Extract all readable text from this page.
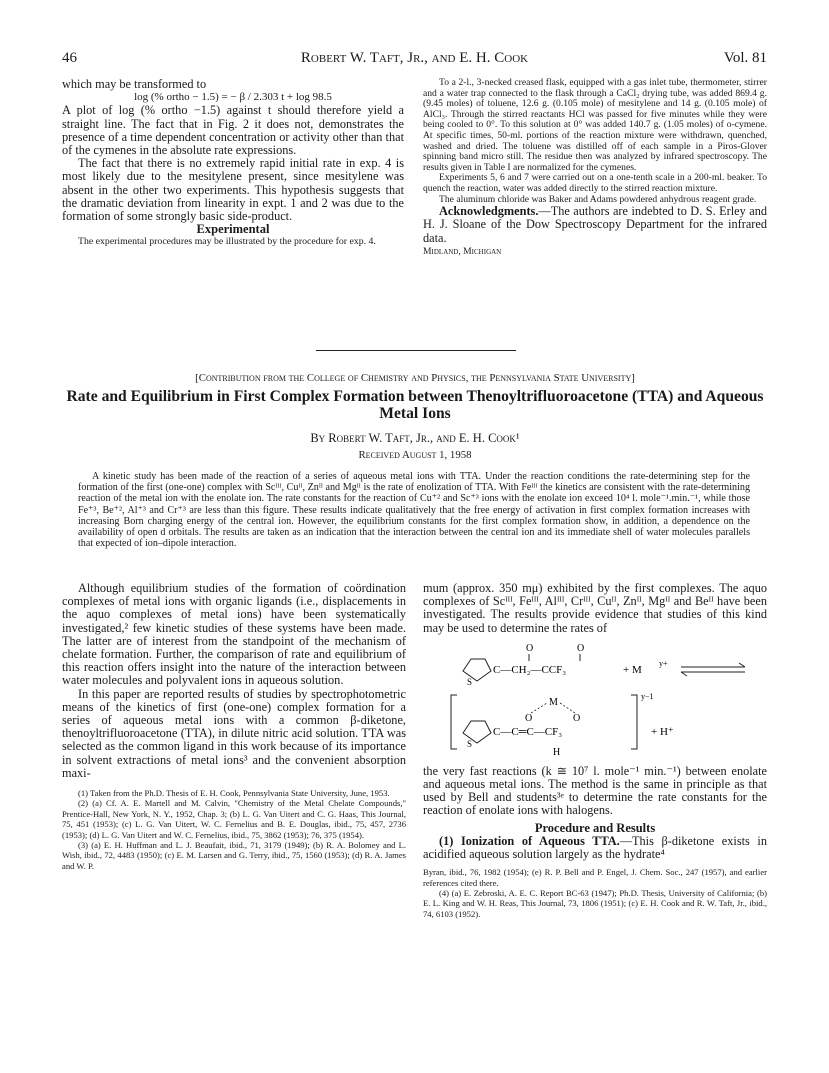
46	Robert W. Taft, Jr., and E. H. Cook	Vol. 81

which may be transformed to

log (% ortho − 1.5) = − β / 2.303 t + log 98.5

A plot of log (% ortho −1.5) against t should therefore yield a straight line. The fact that in Fig. 2 it does not, demonstrates the presence of a time dependent concentration or activity other than that of the cymenes in the absolute rate expressions.

The fact that there is no extremely rapid initial rate in exp. 4 is most likely due to the mesitylene present, since mesitylene was absent in the other two experiments. This hypothesis suggests that the dramatic deviation from linearity in expt. 1 and 2 was due to the formation of some strongly basic side-product.

Experimental

The experimental procedures may be illustrated by the procedure for exp. 4.

To a 2-l., 3-necked creased flask, equipped with a gas inlet tube, thermometer, stirrer and a water trap connected to the flask through a CaCl₂ drying tube, was added 869.4 g. (9.45 moles) of toluene, 12.6 g. (0.105 mole) of mesitylene and 14 g. (0.105 mole) of AlCl₃. Through the stirred reactants HCl was passed for five minutes while they were being cooled to 0°. To this solution at 0° was added 140.7 g. (1.05 moles) of o-cymene. At specific times, 50-ml. portions of the reaction mixture were withdrawn, quenched, washed and dried. The toluene was distilled off of each sample in a Piros-Glover spinning band micro still. The residue then was analyzed by infrared spectroscopy. The results given in Table I are normalized for the cymenes.

Experiments 5, 6 and 7 were carried out on a one-tenth scale in a 200-ml. beaker. To quench the reaction, water was added directly to the stirred reaction mixture.

The aluminum chloride was Baker and Adams powdered anhydrous reagent grade.

Acknowledgments.—The authors are indebted to D. S. Erley and H. J. Sloane of the Dow Spectroscopy Department for the infrared data.

Midland, Michigan

[Contribution from the College of Chemistry and Physics, the Pennsylvania State University]
Rate and Equilibrium in First Complex Formation between Thenoyltrifluoroacetone (TTA) and Aqueous Metal Ions
By Robert W. Taft, Jr., and E. H. Cook¹
Received August 1, 1958
A kinetic study has been made of the reaction of a series of aqueous metal ions with TTA. Under the reaction conditions the rate-determining step for the formation of the first (one-one) complex with Scᴵᴵᴵ, Cuᴵᴵ, Znᴵᴵ and Mgᴵᴵ is the rate of enolization of TTA. With Feᴵᴵᴵ the kinetics are consistent with the rate-determining reaction of the metal ion with the enolate ion. The rate constants for the reaction of Cu⁺² and Sc⁺³ ions with the enolate ion exceed 10⁴ l. mole⁻¹.min.⁻¹, while those Fe⁺³, Be⁺², Al⁺³ and Cr⁺³ are less than this figure. These results indicate qualitatively that the free energy of activation in first complex formation increases with increasing Born charging energy of the central ion. However, the equilibrium constants for the first complex formation show, in addition, a dependence on the availability of open d orbitals. The results are taken as an indication that the interaction between the central ion and its immediate shell of water molecules parallels that expected of ion–dipole interaction.

Although equilibrium studies of the formation of coördination complexes of metal ions with organic ligands (i.e., displacements in the aquo complexes of metal ions) have been systematically investigated,² few kinetic studies of these systems have been made. The latter are of interest from the standpoint of the mechanism of chelate formation. Further, the comparison of rate and equilibrium of this reaction offers insight into the nature of the interaction between water molecules and polyvalent ions in aqueous solution.

In this paper are reported results of studies by spectrophotometric means of the kinetics of first (one-one) complex formation for a series of aqueous metal ions with a common β-diketone, thenoyltrifluoroacetone (TTA), in dilute nitric acid solution. TTA was selected as the common ligand in this work because of its importance in solvent extractions of metal ions³ and the convenient absorption maxi-

(1) Taken from the Ph.D. Thesis of E. H. Cook, Pennsylvania State University, June, 1953.

(2) (a) Cf. A. E. Martell and M. Calvin, "Chemistry of the Metal Chelate Compounds," Prentice-Hall, New York, N. Y., 1952, Chap. 3; (b) L. G. Van Uitert and C. G. Haas, This Journal, 75, 451 (1953); (c) L. G. Van Uitert, W. C. Fernelius and B. E. Douglas, ibid., 75, 457, 2736 (1953); (d) L. G. Van Uitert and W. C. Fernelius, ibid., 75, 3862 (1953); 76, 375 (1954).

(3) (a) E. H. Huffman and L. J. Beaufait, ibid., 71, 3179 (1949); (b) R. A. Bolomey and L. Wish, ibid., 72, 4483 (1950); (c) E. M. Larsen and G. Terry, ibid., 75, 1560 (1953); (d) R. A. James and W. P.

mum (approx. 350 mμ) exhibited by the first complexes. The aquo complexes of Scᴵᴵᴵ, Feᴵᴵᴵ, Alᴵᴵᴵ, Crᴵᴵᴵ, Cuᴵᴵ, Znᴵᴵ, Mgᴵᴵ and Beᴵᴵ have been investigated. The results provide evidence that studies of this kind may be used to determine the rates of

S
O	O
C—CH₂—CCF₃	+ M
y+
y−1
M
O	O
S
C—C═C—CF₃
H
+ H⁺

the very fast reactions (k ≅ 10⁷ l. mole⁻¹ min.⁻¹) between enolate and aqueous metal ions. The method is the same in principle as that used by Bell and students³ᵉ to determine the rate constants for the reaction of enolate ions with halogens.

Procedure and Results

(1) Ionization of Aqueous TTA.—This β-diketone exists in acidified aqueous solution largely as the hydrate⁴

Byran, ibid., 76, 1982 (1954); (e) R. P. Bell and P. Engel, J. Chem. Soc., 247 (1957), and earlier references cited there.

(4) (a) E. Zebroski, A. E. C. Report BC-63 (1947); Ph.D. Thesis, University of California; (b) E. L. King and W. H. Reas, This Journal, 73, 1806 (1951); (c) E. H. Cook and R. W. Taft, Jr., ibid., 74, 6103 (1952).
